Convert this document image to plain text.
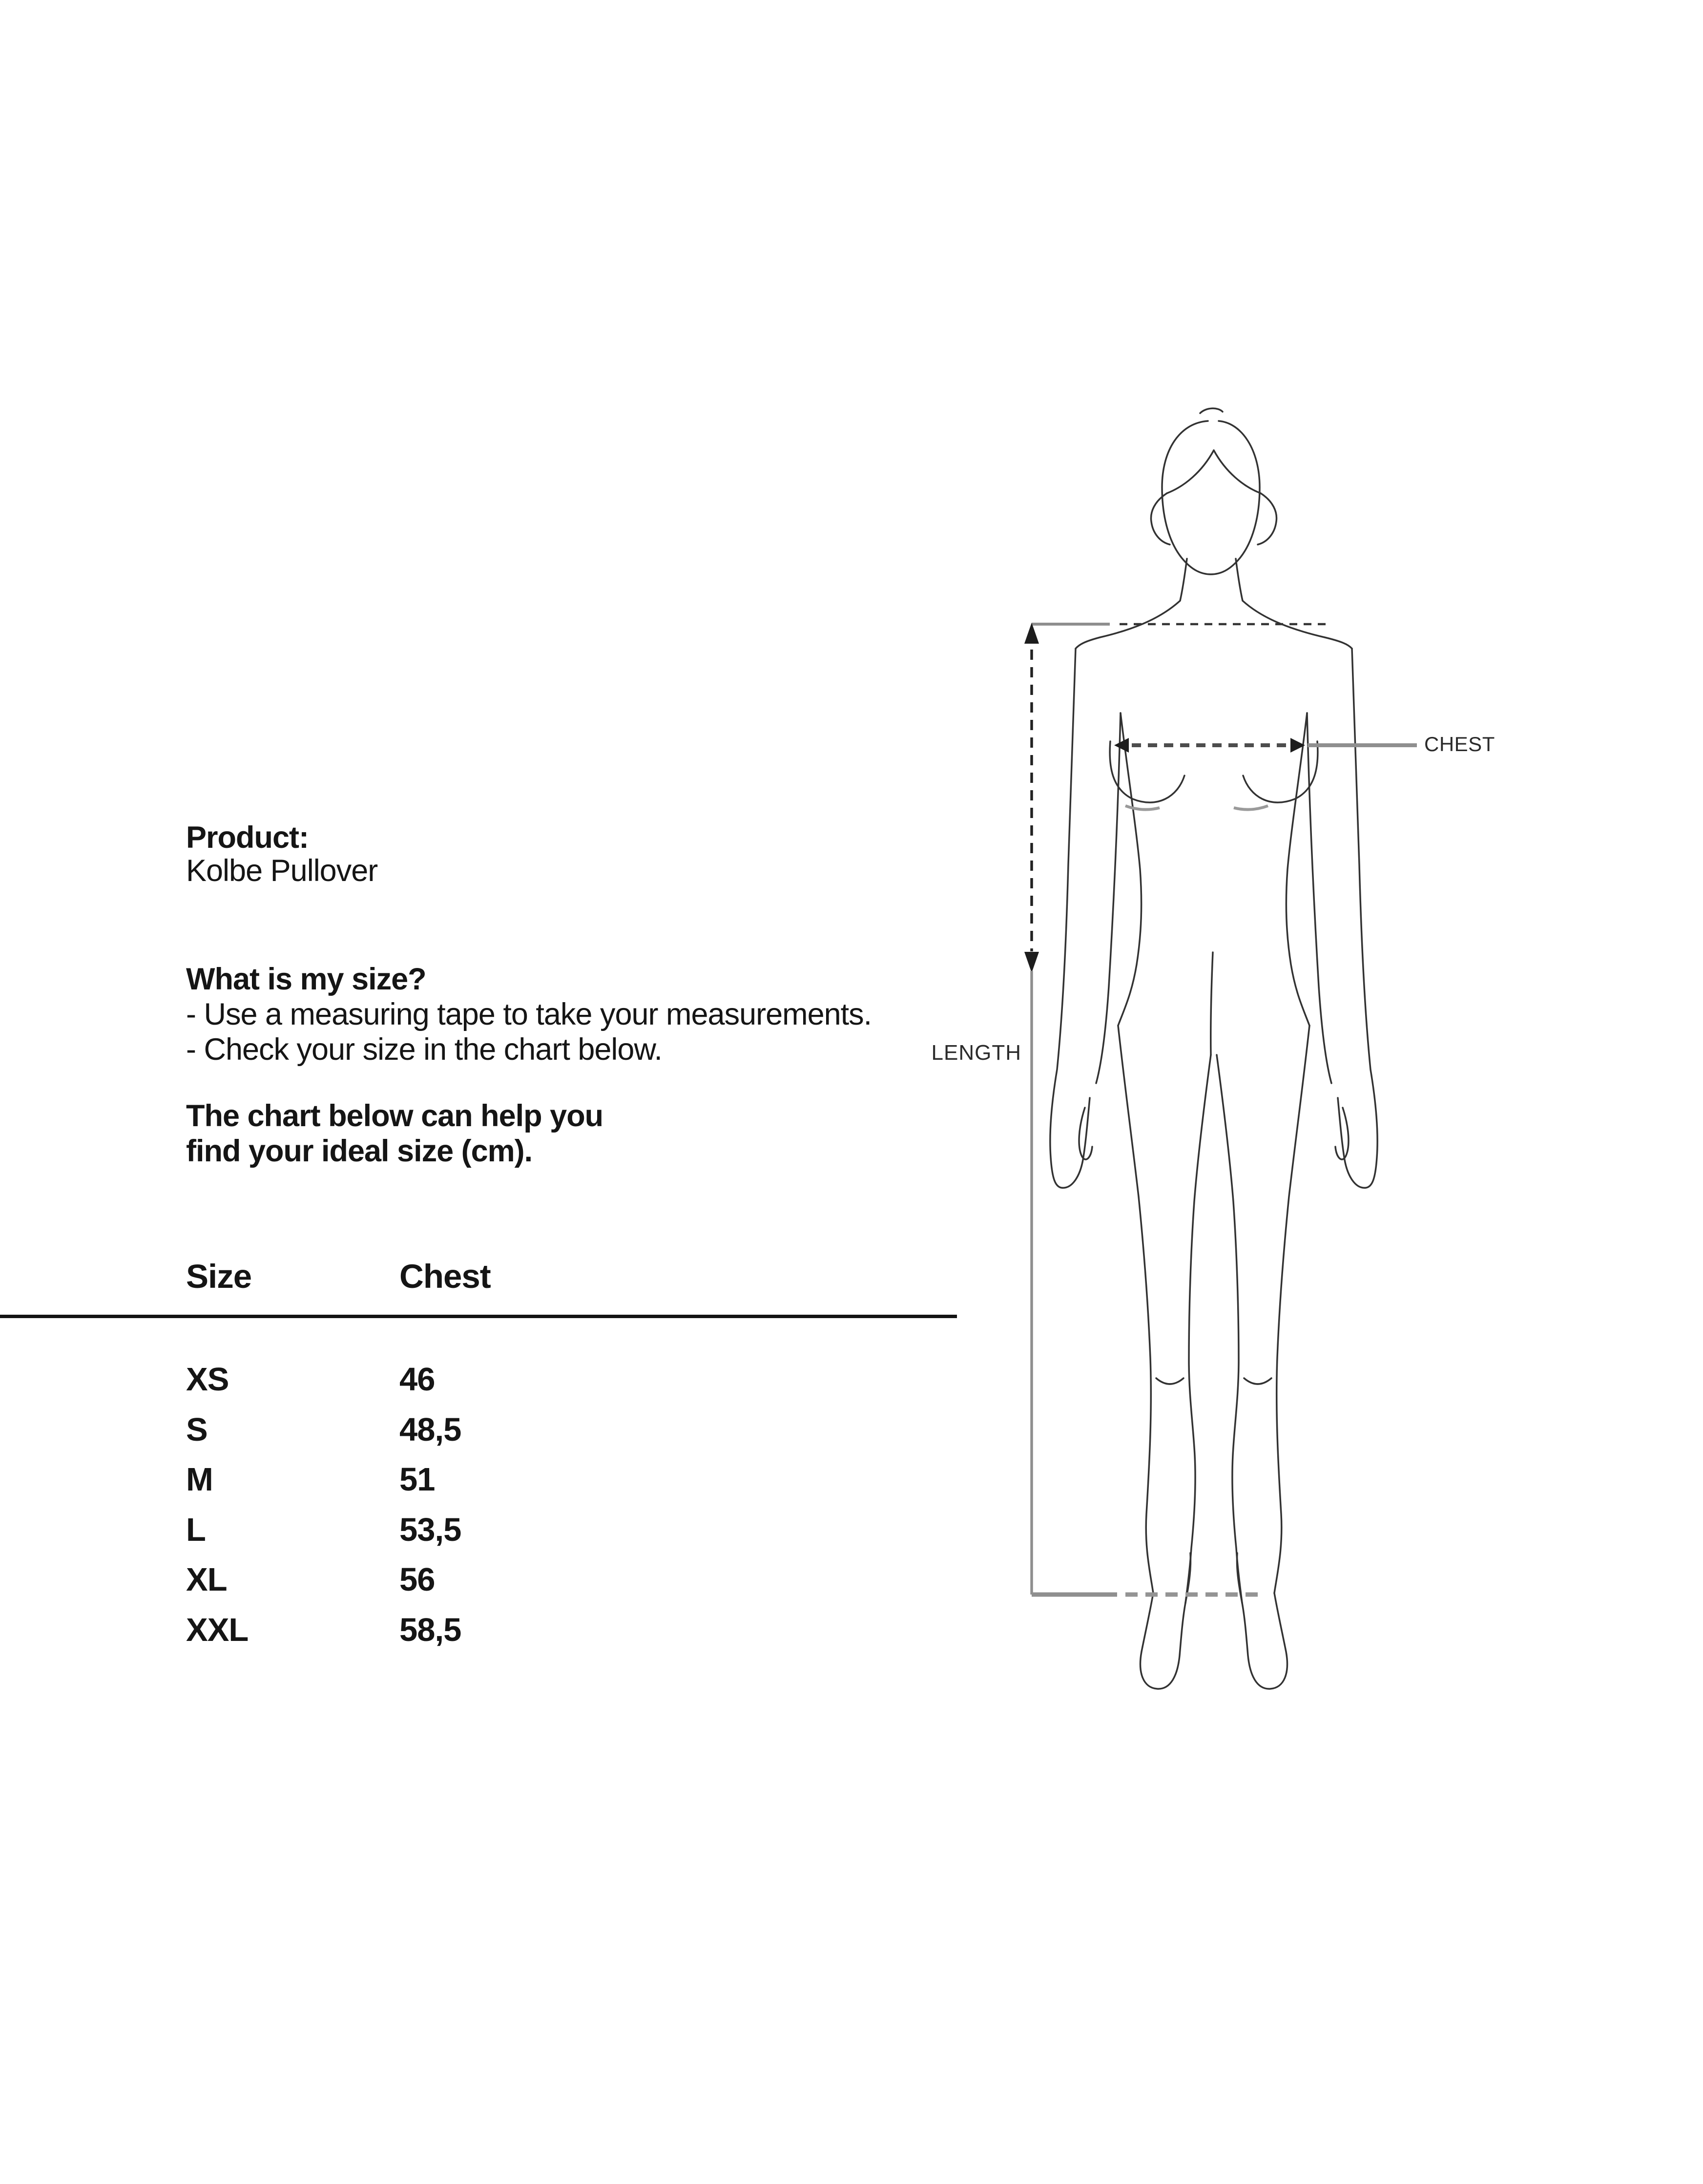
Product:
Kolbe Pullover
What is my size?
- Use a measuring tape to take your measurements.
- Check your size in the chart below.
The chart below can help you
find your ideal size (cm).
Size	Chest
XS	46
S	48,5
M	51
L	53,5
XL	56
XXL	58,5
CHEST
LENGTH
